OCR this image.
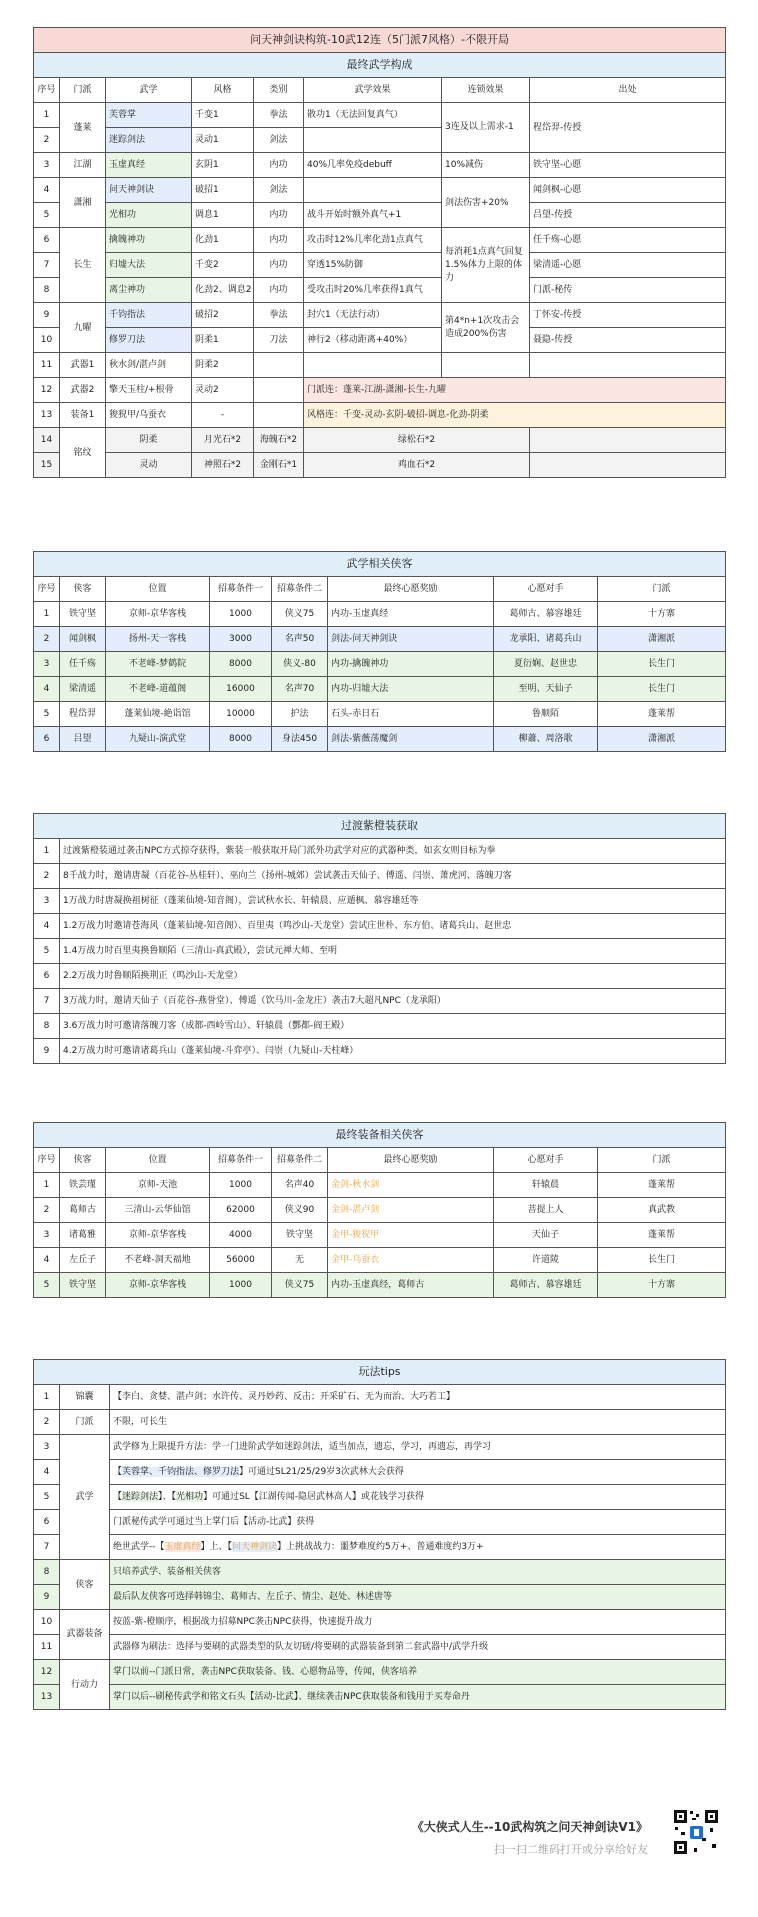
问天神剑诀构筑-10武12连（5门派7风格）-不限开局							
最终武学构成							
序号	门派	武学	风格	类别	武学效果	连锁效果	出处
1	蓬莱	芙蓉掌	千变1	拳法	散功1（无法回复真气）	3连及以上需求-1	程岱羿-传授
2		迷踪剑法	灵动1	剑法			
3	江湖	玉虚真经	玄阴1	内功	40%几率免疫debuff	10%减伤	铁守坚-心愿
4	潇湘	问天神剑诀	破招1	剑法		剑法伤害+20%	闻剑枫-心愿
5		光相功	调息1	内功	战斗开始时额外真气+1		吕望-传授
6	长生	擒魄神功	化劲1	内功	攻击时12%几率化劲1点真气	每消耗1点真气回复1.5%体力上限的体力	任千殇-心愿
7		归墟大法	千变2	内功	穿透15%防御		梁清遥-心愿
8		离尘神功	化劲2、调息2	内功	受攻击时20%几率获得1真气		门派-秘传
9	九曜	千钧指法	破招2	拳法	封穴1（无法行动）	第4*n+1次攻击会造成200%伤害	丁怀安-传授
10		修罗刀法	阴柔1	刀法	神行2（移动距离+40%）		聂隐-传授
11	武器1	秋水剑/湛卢剑	阴柔2				
12	武器2	擎天玉柱/+根骨	灵动2		门派连：蓬莱-江湖-潇湘-长生-九曜		
13	装备1	狻猊甲/乌蚕衣	-		风格连：千变-灵动-玄阴-破招-调息-化劲-阴柔		
14	铭纹	阴柔	月光石*2	海魄石*2	绿松石*2		
15		灵动	神照石*2	金刚石*1	鸡血石*2		
武学相关侠客							
序号	侠客	位置	招募条件一	招募条件二	最终心愿奖励	心愿对手	门派
1	铁守坚	京师-京华客栈	1000	侠义75	内功-玉虚真经	葛师古、慕容雄廷	十方寨
2	闻剑枫	扬州-天一客栈	3000	名声50	剑法-问天神剑诀	龙承阳、诸葛兵山	潇湘派
3	任千殇	不老峰-梦鹤院	8000	侠义-80	内功-擒魄神功	夏衍娴、赵世忠	长生门
4	梁清遥	不老峰-道蕴阁	16000	名声70	内功-归墟大法	至明、天仙子	长生门
5	程岱羿	蓬莱仙境-絶诣馆	10000	护法	石头-赤日石	鲁顺陌	蓬莱帮
6	吕望	九疑山-演武堂	8000	身法450	剑法-紫薇荡魔剑	柳蕭、周洛歌	潇湘派
过渡紫橙装获取	
1	过渡紫橙装通过袭击NPC方式掠夺获得，紫装一般获取开局门派外功武学对应的武器种类，如玄女则目标为拳
2	8千战力时，邀请唐凝（百花谷-丛桂轩）、巫向兰（扬州-城郊）尝试袭击天仙子、傅遥、闫崇、萧虎河、落魄刀客
3	1万战力时唐凝换祖树征（蓬莱仙境-知音阁），尝试秋水长、轩辕晨、应遁枫、慕容雄廷等
4	1.2万战力时邀请苍海风（蓬莱仙境-知音阁）、百里夷（鸣沙山-天龙堂）尝试庄世朴、东方伯、诸葛兵山、赵世忠
5	1.4万战力时百里夷换鲁顺陌（三清山-真武殿），尝试元禅大师、至明
6	2.2万战力时鲁顺陌换荆正（鸣沙山-天龙堂）
7	3万战力时，邀请天仙子（百花谷-燕誉堂）、傅遥（饮马川-金龙庄）袭击7大超凡NPC（龙承阳）
8	3.6万战力时可邀请落魄刀客（成都-西岭雪山）、轩辕晨（酆都-阎王殿）
9	4.2万战力时可邀请诸葛兵山（蓬莱仙境-斗弈亭）、闫崇（九疑山-天柱峰）
最终装备相关侠客							
序号	侠客	位置	招募条件一	招募条件二	最终心愿奖励	心愿对手	门派
1	铁芸瑾	京师-天池	1000	名声40	金剑-秋水剑	轩辕晨	蓬莱帮
2	葛师古	三清山-云华仙馆	62000	侠义90	金剑-湛卢剑	菩提上人	真武教
3	诸葛雅	京师-京华客栈	4000	铁守坚	金甲-狻猊甲	天仙子	蓬莱帮
4	左丘子	不老峰-洞天福地	56000	无	金甲-乌蚕衣	许道陵	长生门
5	铁守坚	京师-京华客栈	1000	侠义75	内功-玉虚真经，葛师古	葛师古、慕容雄廷	十方寨
玩法tips		
1	锦囊	【李白、贪婪、湛卢剑；水许传、灵丹妙药、反击；开采矿石、无为而治、大巧若工】
2	门派	不限，可长生
3	武学	武学修为上限提升方法：学一门进阶武学如迷踪剑法，适当加点，遗忘，学习，再遗忘，再学习
4		【芙蓉掌、千钧指法、修罗刀法】可通过SL21/25/29岁3次武林大会获得
5		【迷踪剑法】、【光相功】可通过SL【江湖传闻-隐居武林高人】或花钱学习获得
6		门派秘传武学可通过当上掌门后【活动-比武】获得
7		绝世武学--【玉虚真经】上、【问天神剑诀】上挑战战力：噩梦难度约5万+、普通难度约3万+
8	侠客	只培养武学、装备相关侠客
9		最后队友侠客可选择韩锦尘、葛师古、左丘子、情尘、赵处、林述唐等
10	武器装备	按蓝-紫-橙顺序，根据战力招募NPC袭击NPC获得，快速提升战力
11		武器修为刷法：选择与要刷的武器类型的队友切磋/将要刷的武器装备到第二套武器中/武学升级
12	行动力	掌门以前--门派日常，袭击NPC获取装备、钱、心愿物品等，传闻，侠客培养
13		掌门以后--刷秘传武学和铭文石头【活动-比武】、继续袭击NPC获取装备和钱用于买寿命丹
《大侠式人生--10武构筑之问天神剑诀V1》
扫一扫二维码打开或分享给好友
